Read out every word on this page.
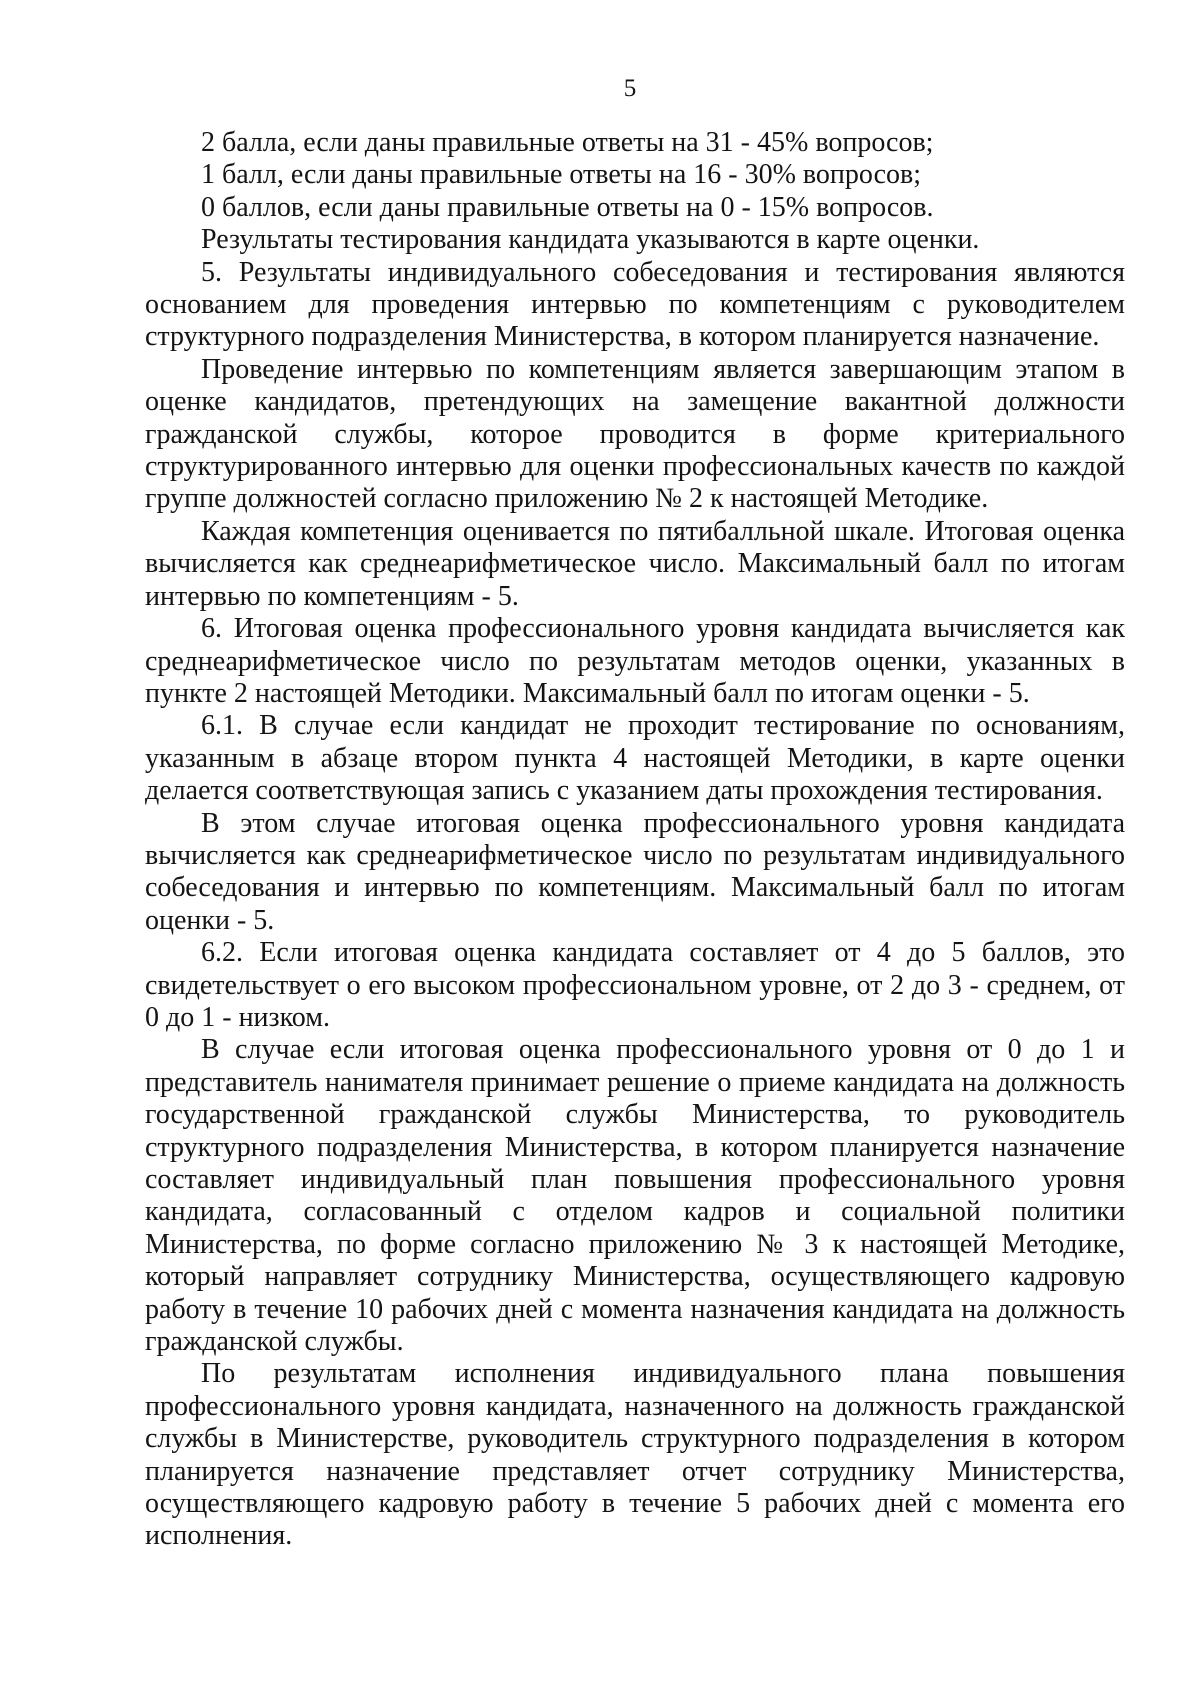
5

2 балла, если даны правильные ответы на 31 - 45% вопросов;

1 балл, если даны правильные ответы на 16 - 30% вопросов;

0 баллов, если даны правильные ответы на 0 - 15% вопросов.

Результаты тестирования кандидата указываются в карте оценки.

5. Результаты индивидуального собеседования и тестирования являются основанием для проведения интервью по компетенциям с руководителем структурного подразделения Министерства, в котором планируется назначение.

Проведение интервью по компетенциям является завершающим этапом в оценке кандидатов, претендующих на замещение вакантной должности гражданской службы, которое проводится в форме критериального структурированного интервью для оценки профессиональных качеств по каждой группе должностей согласно приложению № 2 к настоящей Методике.

Каждая компетенция оценивается по пятибалльной шкале. Итоговая оценка вычисляется как среднеарифметическое число. Максимальный балл по итогам интервью по компетенциям - 5.

6. Итоговая оценка профессионального уровня кандидата вычисляется как среднеарифметическое число по результатам методов оценки, указанных в пункте 2 настоящей Методики. Максимальный балл по итогам оценки - 5.

6.1. В случае если кандидат не проходит тестирование по основаниям, указанным в абзаце втором пункта 4 настоящей Методики, в карте оценки делается соответствующая запись с указанием даты прохождения тестирования.

В этом случае итоговая оценка профессионального уровня кандидата вычисляется как среднеарифметическое число по результатам индивидуального собеседования и интервью по компетенциям. Максимальный балл по итогам оценки - 5.

6.2. Если итоговая оценка кандидата составляет от 4 до 5 баллов, это свидетельствует о его высоком профессиональном уровне, от 2 до 3 - среднем, от 0 до 1 - низком.

В случае если итоговая оценка профессионального уровня от 0 до 1 и представитель нанимателя принимает решение о приеме кандидата на должность государственной гражданской службы Министерства, то руководитель структурного подразделения Министерства, в котором планируется назначение составляет индивидуальный план повышения профессионального уровня кандидата, согласованный с отделом кадров и социальной политики Министерства, по форме согласно приложению № 3 к настоящей Методике, который направляет сотруднику Министерства, осуществляющего кадровую работу в течение 10 рабочих дней с момента назначения кандидата на должность гражданской службы.

По результатам исполнения индивидуального плана повышения профессионального уровня кандидата, назначенного на должность гражданской службы в Министерстве, руководитель структурного подразделения в котором планируется назначение представляет отчет сотруднику Министерства, осуществляющего кадровую работу в течение 5 рабочих дней с момента его исполнения.
